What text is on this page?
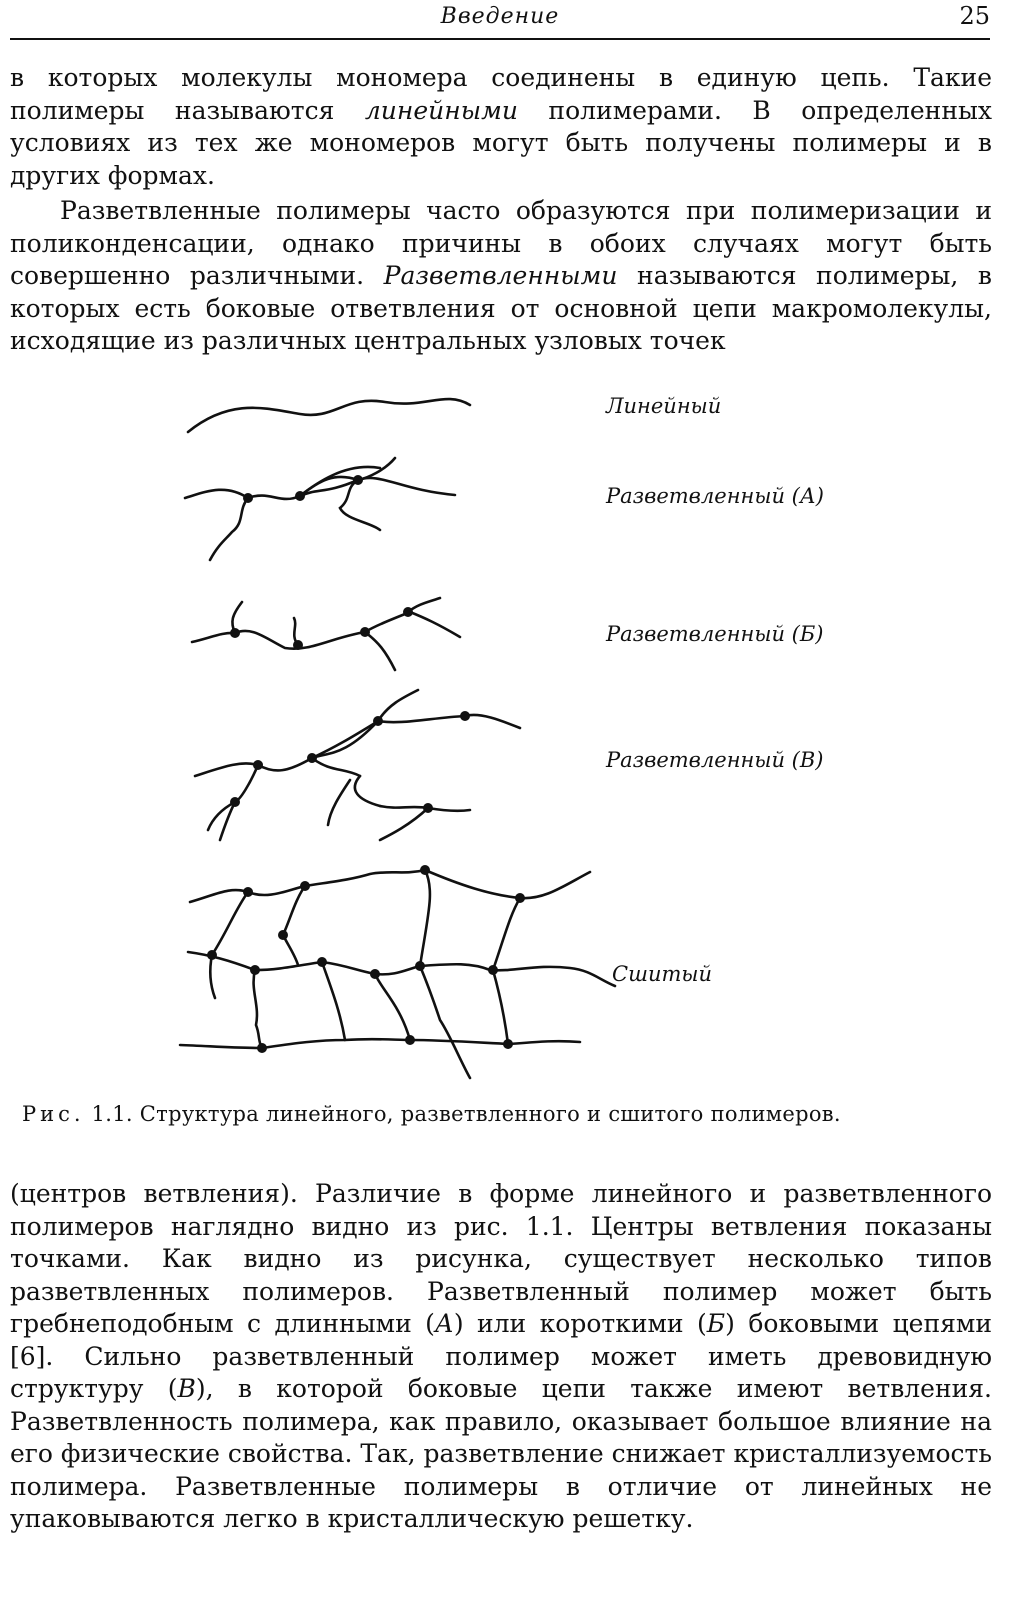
Введение	25

в которых молекулы мономера соединены в единую цепь. Такие полимеры называются линейными полимерами. В определенных условиях из тех же мономеров могут быть получены полимеры и в других формах.

Разветвленные полимеры часто образуются при полимеризации и поликонденсации, однако причины в обоих случаях могут быть совершенно различными. Разветвленными называются полимеры, в которых есть боковые ответвления от основной цепи макромолекулы, исходящие из различных центральных узловых точек

Линейный
Разветвленный (А)
Разветвленный (Б)
Разветвленный (В)
Сшитый
Рис. 1.1. Структура линейного, разветвленного и сшитого полимеров.

(центров ветвления). Различие в форме линейного и разветвленного полимеров наглядно видно из рис. 1.1. Центры ветвления показаны точками. Как видно из рисунка, существует несколько типов разветвленных полимеров. Разветвленный полимер может быть гребнеподобным с длинными (А) или короткими (Б) боковыми цепями [6]. Сильно разветвленный полимер может иметь древовидную структуру (В), в которой боковые цепи также имеют ветвления. Разветвленность полимера, как правило, оказывает большое влияние на его физические свойства. Так, разветвление снижает кристаллизуемость полимера. Разветвленные полимеры в отличие от линейных не упаковываются легко в кристаллическую решетку.
